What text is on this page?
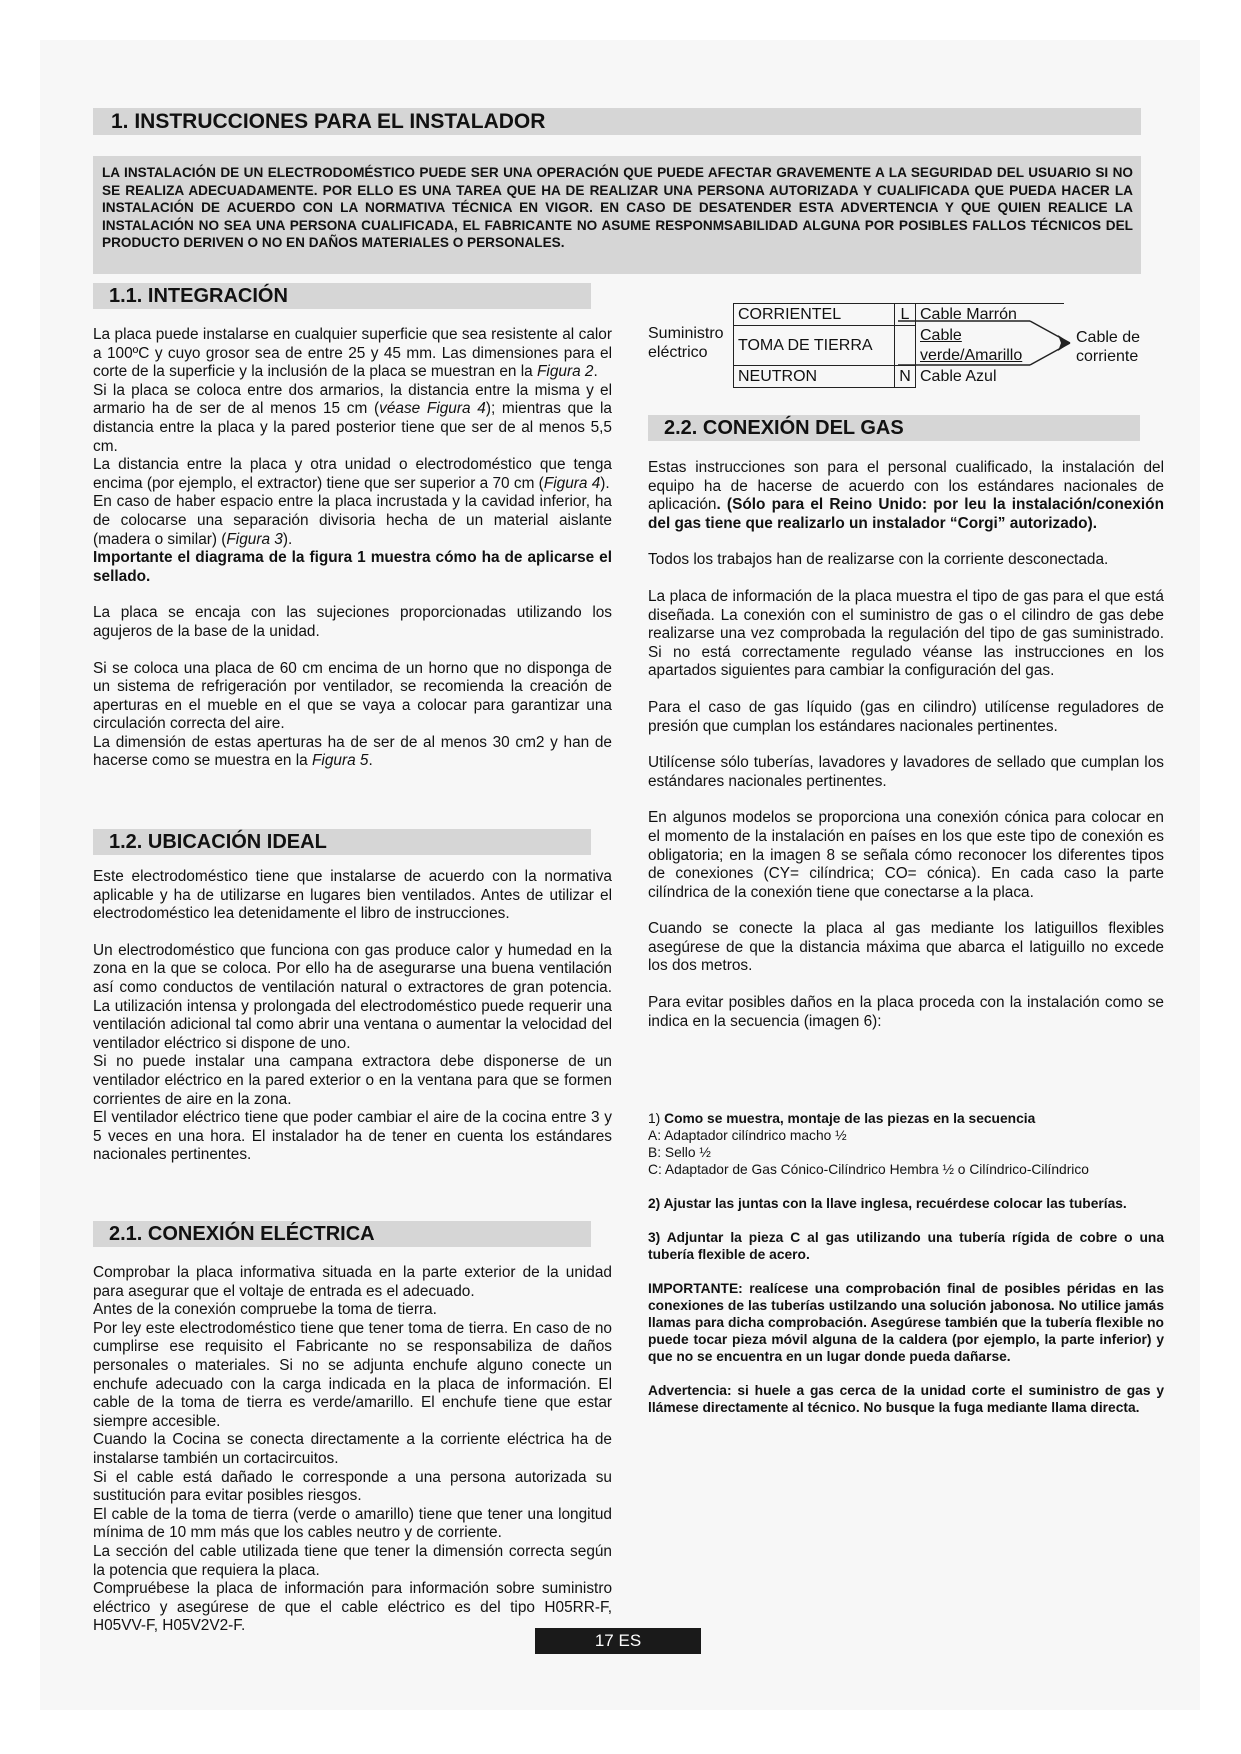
1. INSTRUCCIONES PARA EL INSTALADOR
LA INSTALACIÓN DE UN ELECTRODOMÉSTICO PUEDE SER UNA OPERACIÓN QUE PUEDE AFECTAR GRAVEMENTE A LA SEGURIDAD DEL USUARIO SI NO SE REALIZA ADECUADAMENTE. POR ELLO ES UNA TAREA QUE HA DE REALIZAR UNA PERSONA AUTORIZADA Y CUALIFICADA QUE PUEDA HACER LA INSTALACIÓN DE ACUERDO CON LA NORMATIVA TÉCNICA EN VIGOR. EN CASO DE DESATENDER ESTA ADVERTENCIA Y QUE QUIEN REALICE LA INSTALACIÓN NO SEA UNA PERSONA CUALIFICADA, EL FABRICANTE NO ASUME RESPONMSABILIDAD ALGUNA POR POSIBLES FALLOS TÉCNICOS DEL PRODUCTO DERIVEN O NO EN DAÑOS MATERIALES O PERSONALES.
1.1. INTEGRACIÓN

La placa puede instalarse en cualquier superficie que sea resistente al calor a 100ºC y cuyo grosor sea de entre 25 y 45 mm. Las dimensiones para el corte de la superficie y la inclusión de la placa se muestran en la Figura 2.

Si la placa se coloca entre dos armarios, la distancia entre la misma y el armario ha de ser de al menos 15 cm (véase Figura 4); mientras que la distancia entre la placa y la pared posterior tiene que ser de al menos 5,5 cm.

La distancia entre la placa y otra unidad o electrodoméstico que tenga encima (por ejemplo, el extractor) tiene que ser superior a 70 cm (Figura 4).

En caso de haber espacio entre la placa incrustada y la cavidad inferior, ha de colocarse una separación divisoria hecha de un material aislante (madera o similar) (Figura 3).

Importante el diagrama de la figura 1 muestra cómo ha de aplicarse el sellado.

La placa se encaja con las sujeciones proporcionadas utilizando los agujeros de la base de la unidad.

Si se coloca una placa de 60 cm encima de un horno que no disponga de un sistema de refrigeración por ventilador, se recomienda la creación de aperturas en el mueble en el que se vaya a colocar para garantizar una circulación correcta del aire.

La dimensión de estas aperturas ha de ser de al menos 30 cm2 y han de hacerse como se muestra en la Figura 5.

1.2. UBICACIÓN IDEAL

Este electrodoméstico tiene que instalarse de acuerdo con la normativa aplicable y ha de utilizarse en lugares bien ventilados. Antes de utilizar el electrodoméstico lea detenidamente el libro de instrucciones.

Un electrodoméstico que funciona con gas produce calor y humedad en la zona en la que se coloca. Por ello ha de asegurarse una buena ventilación así como conductos de ventilación natural o extractores de gran potencia. La utilización intensa y prolongada del electrodoméstico puede requerir una ventilación adicional tal como abrir una ventana o aumentar la velocidad del ventilador eléctrico si dispone de uno.

Si no puede instalar una campana extractora debe disponerse de un ventilador eléctrico en la pared exterior o en la ventana para que se formen corrientes de aire en la zona.

El ventilador eléctrico tiene que poder cambiar el aire de la cocina entre 3 y 5 veces en una hora. El instalador ha de tener en cuenta los estándares nacionales pertinentes.

2.1. CONEXIÓN ELÉCTRICA

Comprobar la placa informativa situada en la parte exterior de la unidad para asegurar que el voltaje de entrada es el adecuado.

Antes de la conexión compruebe la toma de tierra.

Por ley este electrodoméstico tiene que tener toma de tierra. En caso de no cumplirse ese requisito el Fabricante no se responsabiliza de daños personales o materiales. Si no se adjunta enchufe alguno conecte un enchufe adecuado con la carga indicada en la placa de información. El cable de la toma de tierra es verde/amarillo. El enchufe tiene que estar siempre accesible.

Cuando la Cocina se conecta directamente a la corriente eléctrica ha de instalarse también un cortacircuitos.

Si el cable está dañado le corresponde a una persona autorizada su sustitución para evitar posibles riesgos.

El cable de la toma de tierra (verde o amarillo) tiene que tener una longitud mínima de 10 mm más que los cables neutro y de corriente.

La sección del cable utilizada tiene que tener la dimensión correcta según la potencia que requiera la placa.

Compruébese la placa de información para información sobre suministro eléctrico y asegúrese de que el cable eléctrico es del tipo H05RR-F, H05VV-F, H05V2V2-F.

Suministro
eléctrico
CORRIENTEL	L	Cable Marrón
TOMA DE TIERRA		Cable verde/Amarillo
NEUTRON	N	Cable Azul
Cable de
corriente
2.2. CONEXIÓN DEL GAS

Estas instrucciones son para el personal cualificado, la instalación del equipo ha de hacerse de acuerdo con los estándares nacionales de aplicación. (Sólo para el Reino Unido: por leu la instalación/conexión del gas tiene que realizarlo un instalador “Corgi” autorizado).

Todos los trabajos han de realizarse con la corriente desconectada.

La placa de información de la placa muestra el tipo de gas para el que está diseñada. La conexión con el suministro de gas o el cilindro de gas debe realizarse una vez comprobada la regulación del tipo de gas suministrado. Si no está correctamente regulado véanse las instrucciones en los apartados siguientes para cambiar la configuración del gas.

Para el caso de gas líquido (gas en cilindro) utilícense reguladores de presión que cumplan los estándares nacionales pertinentes.

Utilícense sólo tuberías, lavadores y lavadores de sellado que cumplan los estándares nacionales pertinentes.

En algunos modelos se proporciona una conexión cónica para colocar en el momento de la instalación en países en los que este tipo de conexión es obligatoria; en la imagen 8 se señala cómo reconocer los diferentes tipos de conexiones (CY= cilíndrica; CO= cónica). En cada caso la parte cilíndrica de la conexión tiene que conectarse a la placa.

Cuando se conecte la placa al gas mediante los latiguillos flexibles asegúrese de que la distancia máxima que abarca el latiguillo no excede los dos metros.

Para evitar posibles daños en la placa proceda con la instalación como se indica en la secuencia (imagen 6):

1) Como se muestra, montaje de las piezas en la secuencia

A: Adaptador cilíndrico macho ½

B: Sello ½

C: Adaptador de Gas Cónico-Cilíndrico Hembra ½ o Cilíndrico-Cilíndrico

2) Ajustar las juntas con la llave inglesa, recuérdese colocar las tuberías.

3) Adjuntar la pieza C al gas utilizando una tubería rígida de cobre o una tubería flexible de acero.

IMPORTANTE: realícese una comprobación final de posibles péridas en las conexiones de las tuberías ustilzando una solución jabonosa. No utilice jamás llamas para dicha comprobación. Asegúrese también que la tubería flexible no puede tocar pieza móvil alguna de la caldera (por ejemplo, la parte inferior) y que no se encuentra en un lugar donde pueda dañarse.

Advertencia: si huele a gas cerca de la unidad corte el suministro de gas y llámese directamente al técnico. No busque la fuga mediante llama directa.

17 ES
